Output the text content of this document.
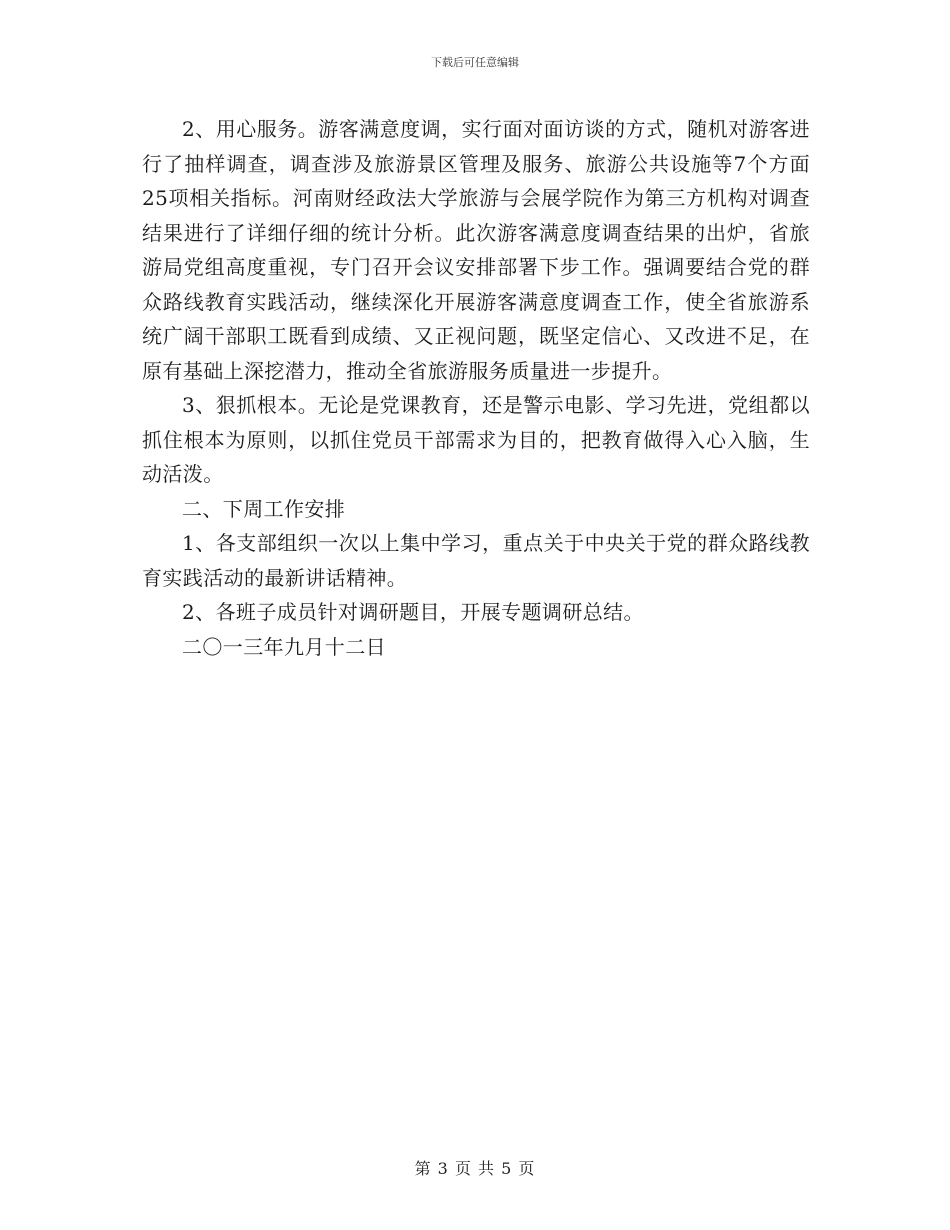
下载后可任意编辑

2、用心服务。游客满意度调，实行面对面访谈的方式，随机对游客进行了抽样调查，调查涉及旅游景区管理及服务、旅游公共设施等7个方面25项相关指标。河南财经政法大学旅游与会展学院作为第三方机构对调查结果进行了详细仔细的统计分析。此次游客满意度调查结果的出炉，省旅游局党组高度重视，专门召开会议安排部署下步工作。强调要结合党的群众路线教育实践活动，继续深化开展游客满意度调查工作，使全省旅游系统广阔干部职工既看到成绩、又正视问题，既坚定信心、又改进不足，在原有基础上深挖潜力，推动全省旅游服务质量进一步提升。

3、狠抓根本。无论是党课教育，还是警示电影、学习先进，党组都以抓住根本为原则，以抓住党员干部需求为目的，把教育做得入心入脑，生动活泼。

二、下周工作安排

1、各支部组织一次以上集中学习，重点关于中央关于党的群众路线教育实践活动的最新讲话精神。

2、各班子成员针对调研题目，开展专题调研总结。

二〇一三年九月十二日

第 3 页 共 5 页
